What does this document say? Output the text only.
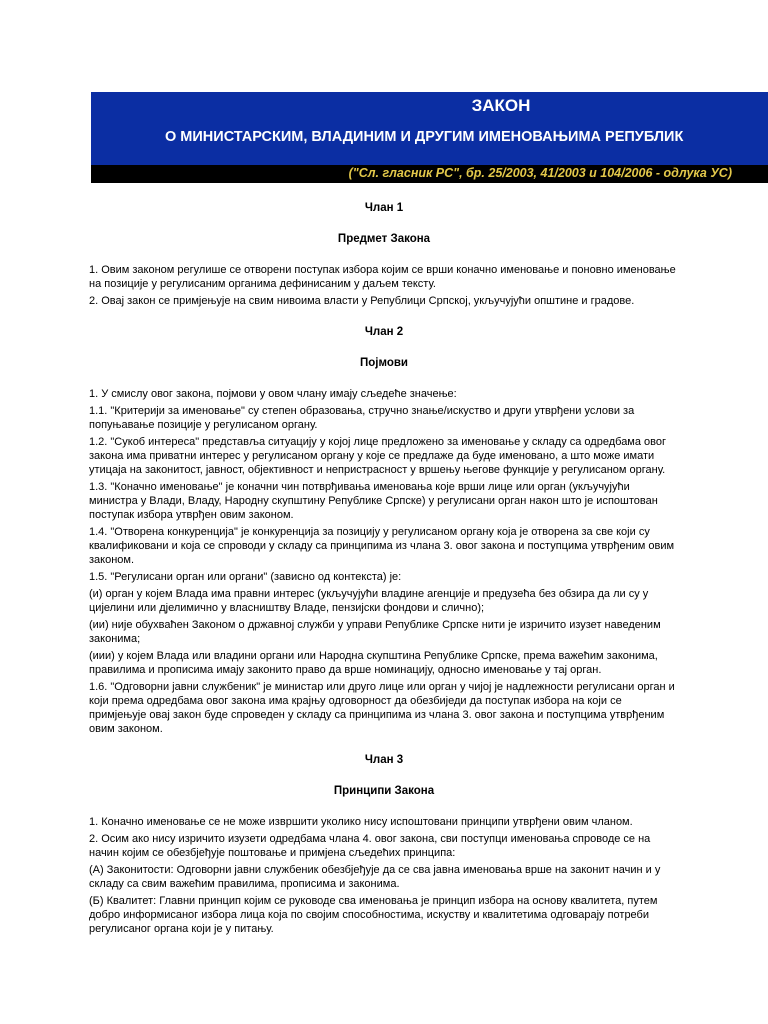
ЗАКОН
О МИНИСТАРСКИМ, ВЛАДИНИМ И ДРУГИМ ИМЕНОВАЊИМА РЕПУБЛИК
("Сл. гласник РС", бр. 25/2003, 41/2003 и 104/2006 - одлука УС)

Члан 1

Предмет Закона

1. Овим законом регулише се отворени поступак избора којим се врши коначно именовање и поновно именовање на позиције у регулисаним органима дефинисаним у даљем тексту.

2. Овај закон се примјењује на свим нивоима власти у Републици Српској, укључујући општине и градове.

Члан 2

Појмови

1. У смислу овог закона, појмови у овом члану имају сљедеће значење:

1.1. "Критерији за именовање" су степен образовања, стручно знање/искуство и други утврђени услови за попуњавање позиције у регулисаном органу.

1.2. "Сукоб интереса" представља ситуацију у којој лице предложено за именовање у складу са одредбама овог закона има приватни интерес у регулисаном органу у које се предлаже да буде именовано, а што може имати утицаја на законитост, јавност, објективност и непристрасност у вршењу његове функције у регулисаном органу.

1.3. "Коначно именовање" је коначни чин потврђивања именовања које врши лице или орган (укључујући министра у Влади, Владу, Народну скупштину Републике Српске) у регулисани орган након што је испоштован поступак избора утврђен овим законом.

1.4. "Отворена конкуренција" је конкуренција за позицију у регулисаном органу која је отворена за све који су квалификовани и која се спроводи у складу са принципима из члана 3. овог закона и поступцима утврђеним овим законом.

1.5. "Регулисани орган или органи" (зависно од контекста) је:

(и) орган у којем Влада има правни интерес (укључујући владине агенције и предузећа без обзира да ли су у цијелини или дјелимично у власништву Владе, пензијски фондови и слично);

(ии) није обухваћен Законом о државној служби у управи Републике Српске нити је изричито изузет наведеним законима;

(иии) у којем Влада или владини органи или Народна скупштина Републике Српске, према важећим законима, правилима и прописима имају законито право да врше номинацију, односно именовање у тај орган.

1.6. "Одговорни јавни службеник" је министар или друго лице или орган у чијој је надлежности регулисани орган и који према одредбама овог закона има крајњу одговорност да обезбиједи да поступак избора на који се примјењује овај закон буде спроведен у складу са принципима из члана 3. овог закона и поступцима утврђеним овим законом.

Члан 3

Принципи Закона

1. Коначно именовање се не може извршити уколико нису испоштовани принципи утврђени овим чланом.

2. Осим ако нису изричито изузети одредбама члана 4. овог закона, сви поступци именовања спроводе се на начин којим се обезбјеђује поштовање и примјена сљедећих принципа:

(А) Законитости: Одговорни јавни службеник обезбјеђује да се сва јавна именовања врше на законит начин и у складу са свим важећим правилима, прописима и законима.

(Б) Квалитет: Главни принцип којим се руководе сва именовања је принцип избора на основу квалитета, путем добро информисаног избора лица која по својим способностима, искуству и квалитетима одговарају потреби регулисаног органа који је у питању.
